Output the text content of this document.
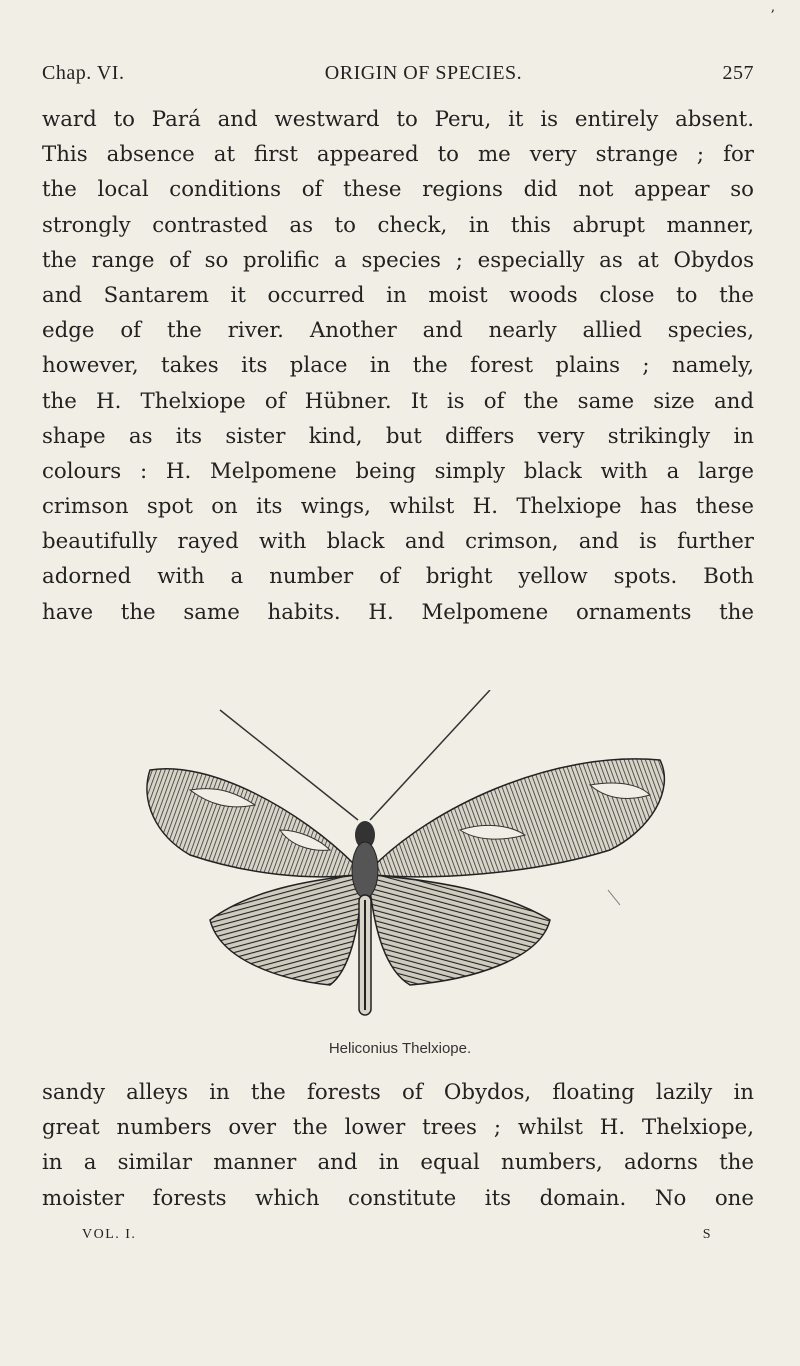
ʼ
Chap. VI.	ORIGIN OF SPECIES.	257
ward to Pará and westward to Peru, it is entirely absent.
This absence at first appeared to me very strange ; for
the local conditions of these regions did not appear so
strongly contrasted as to check, in this abrupt manner,
the range of so prolific a species ; especially as at Obydos
and Santarem it occurred in moist woods close to the
edge of the river. Another and nearly allied species,
however, takes its place in the forest plains ; namely,
the H. Thelxiope of Hübner. It is of the same size and
shape as its sister kind, but differs very strikingly in
colours : H. Melpomene being simply black with a large
crimson spot on its wings, whilst H. Thelxiope has these
beautifully rayed with black and crimson, and is further
adorned with a number of bright yellow spots. Both
have the same habits. H. Melpomene ornaments the
Heliconius Thelxiope.
sandy alleys in the forests of Obydos, floating lazily in
great numbers over the lower trees ; whilst H. Thelxiope,
in a similar manner and in equal numbers, adorns the
moister forests which constitute its domain. No one
VOL. I.	S
